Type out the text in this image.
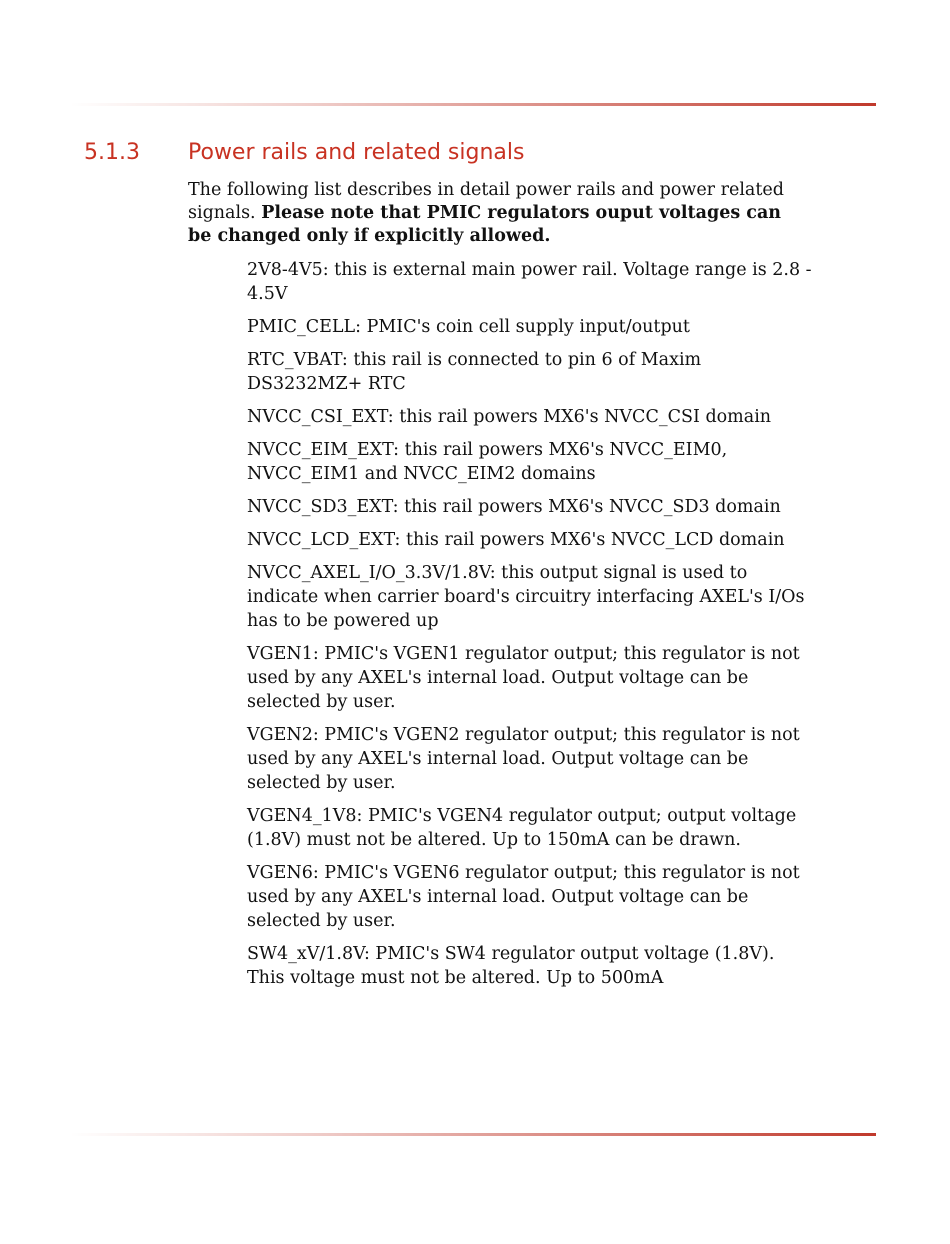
5.1.3 Power rails and related signals
The following list describes in detail power rails and power related signals. Please note that PMIC regulators ouput voltages can be changed only if explicitly allowed.
2V8-4V5: this is external main power rail. Voltage range is 2.8 - 4.5V
PMIC_CELL: PMIC's coin cell supply input/output
RTC_VBAT: this rail is connected to pin 6 of Maxim DS3232MZ+ RTC
NVCC_CSI_EXT: this rail powers MX6's NVCC_CSI domain
NVCC_EIM_EXT: this rail powers MX6's NVCC_EIM0, NVCC_EIM1 and NVCC_EIM2 domains
NVCC_SD3_EXT: this rail powers MX6's NVCC_SD3 domain
NVCC_LCD_EXT: this rail powers MX6's NVCC_LCD domain
NVCC_AXEL_I/O_3.3V/1.8V: this output signal is used to indicate when carrier board's circuitry interfacing AXEL's I/Os has to be powered up
VGEN1: PMIC's VGEN1 regulator output; this regulator is not used by any AXEL's internal load. Output voltage can be selected by user.
VGEN2: PMIC's VGEN2 regulator output; this regulator is not used by any AXEL's internal load. Output voltage can be selected by user.
VGEN4_1V8: PMIC's VGEN4 regulator output; output voltage (1.8V) must not be altered. Up to 150mA can be drawn.
VGEN6: PMIC's VGEN6 regulator output; this regulator is not used by any AXEL's internal load. Output voltage can be selected by user.
SW4_xV/1.8V: PMIC's SW4 regulator output voltage (1.8V). This voltage must not be altered. Up to 500mA
